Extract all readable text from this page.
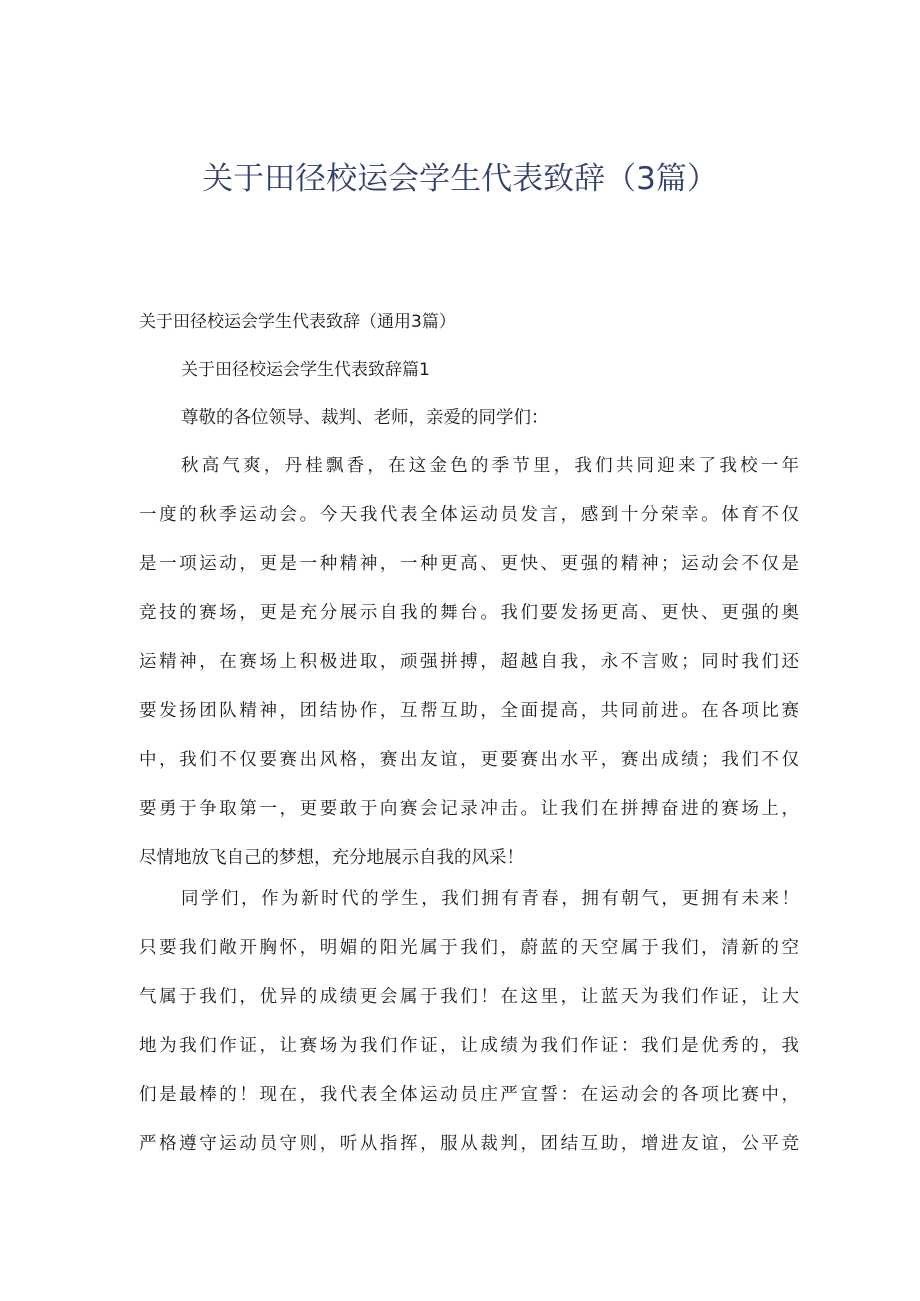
关于田径校运会学生代表致辞（3篇）
关于田径校运会学生代表致辞（通用3篇）
关于田径校运会学生代表致辞篇1
尊敬的各位领导、裁判、老师，亲爱的同学们：
秋高气爽，丹桂飘香，在这金色的季节里，我们共同迎来了我校一年
一度的秋季运动会。今天我代表全体运动员发言，感到十分荣幸。体育不仅
是一项运动，更是一种精神，一种更高、更快、更强的精神；运动会不仅是
竞技的赛场，更是充分展示自我的舞台。我们要发扬更高、更快、更强的奥
运精神，在赛场上积极进取，顽强拼搏，超越自我，永不言败；同时我们还
要发扬团队精神，团结协作，互帮互助，全面提高，共同前进。在各项比赛
中，我们不仅要赛出风格，赛出友谊，更要赛出水平，赛出成绩；我们不仅
要勇于争取第一，更要敢于向赛会记录冲击。让我们在拼搏奋进的赛场上，
尽情地放飞自己的梦想，充分地展示自我的风采！
同学们，作为新时代的学生，我们拥有青春，拥有朝气，更拥有未来！
只要我们敞开胸怀，明媚的阳光属于我们，蔚蓝的天空属于我们，清新的空
气属于我们，优异的成绩更会属于我们！在这里，让蓝天为我们作证，让大
地为我们作证，让赛场为我们作证，让成绩为我们作证：我们是优秀的，我
们是最棒的！现在，我代表全体运动员庄严宣誓：在运动会的各项比赛中，
严格遵守运动员守则，听从指挥，服从裁判，团结互助，增进友谊，公平竞
